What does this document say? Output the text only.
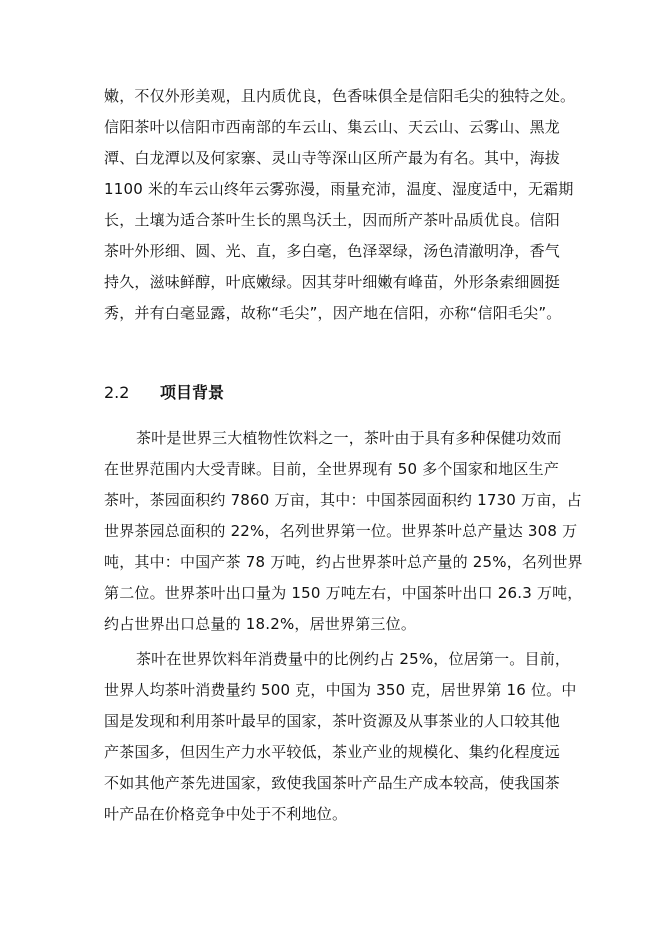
嫩，不仅外形美观，且内质优良，色香味俱全是信阳毛尖的独特之处。
信阳茶叶以信阳市西南部的车云山、集云山、天云山、云雾山、黑龙
潭、白龙潭以及何家寨、灵山寺等深山区所产最为有名。其中，海拔
1100 米的车云山终年云雾弥漫，雨量充沛，温度、湿度适中，无霜期
长，土壤为适合茶叶生长的黑鸟沃土，因而所产茶叶品质优良。信阳
茶叶外形细、圆、光、直，多白毫，色泽翠绿，汤色清澈明净，香气
持久，滋味鲜醇，叶底嫩绿。因其芽叶细嫩有峰苗，外形条索细圆挺
秀，并有白毫显露，故称“毛尖”，因产地在信阳，亦称“信阳毛尖”。
2.2 项目背景
茶叶是世界三大植物性饮料之一，茶叶由于具有多种保健功效而
在世界范围内大受青睐。目前，全世界现有 50 多个国家和地区生产
茶叶，茶园面积约 7860 万亩，其中：中国茶园面积约 1730 万亩，占
世界茶园总面积的 22%，名列世界第一位。世界茶叶总产量达 308 万
吨，其中：中国产茶 78 万吨，约占世界茶叶总产量的 25%，名列世界
第二位。世界茶叶出口量为 150 万吨左右，中国茶叶出口 26.3 万吨，
约占世界出口总量的 18.2%，居世界第三位。
茶叶在世界饮料年消费量中的比例约占 25%，位居第一。目前，
世界人均茶叶消费量约 500 克，中国为 350 克，居世界第 16 位。中
国是发现和利用茶叶最早的国家，茶叶资源及从事茶业的人口较其他
产茶国多，但因生产力水平较低，茶业产业的规模化、集约化程度远
不如其他产茶先进国家，致使我国茶叶产品生产成本较高，使我国茶
叶产品在价格竞争中处于不利地位。
